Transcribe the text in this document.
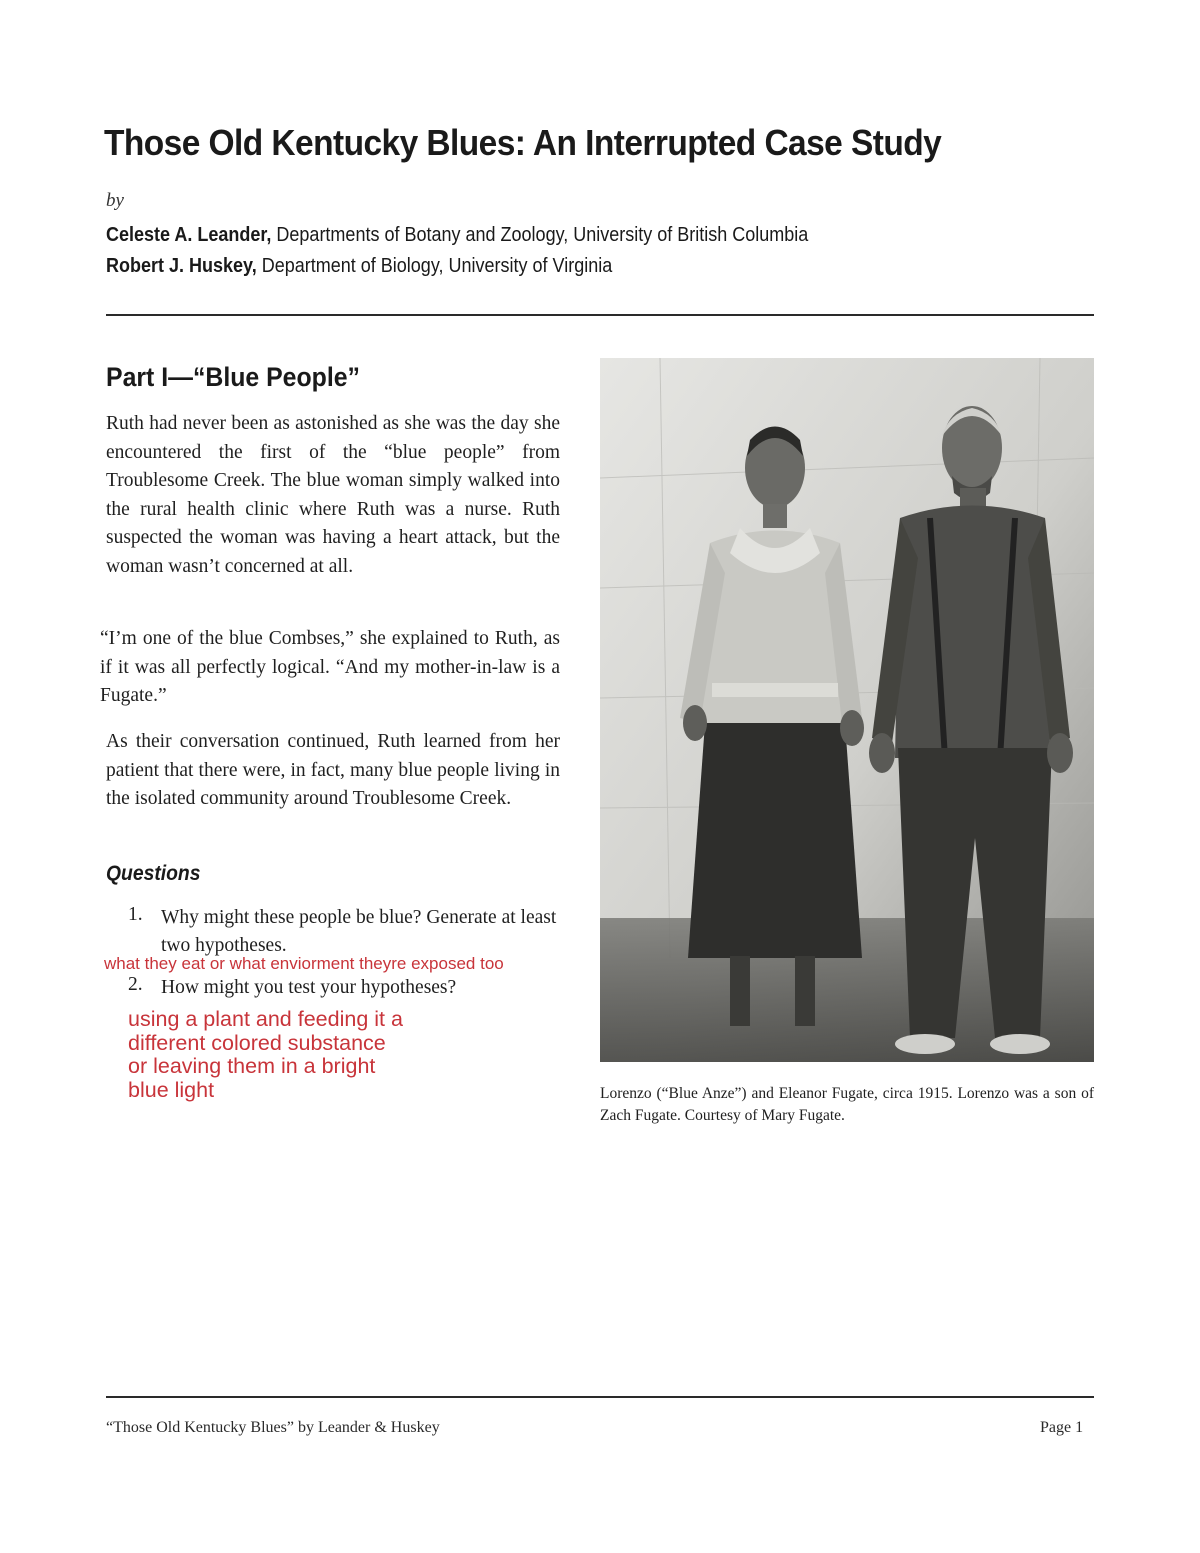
Those Old Kentucky Blues: An Interrupted Case Study
by
Celeste A. Leander, Departments of Botany and Zoology, University of British Columbia
Robert J. Huskey, Department of Biology, University of Virginia
Part I—“Blue People”

Ruth had never been as astonished as she was the day she encountered the first of the “blue people” from Troublesome Creek. The blue woman simply walked into the rural health clinic where Ruth was a nurse. Ruth suspected the woman was having a heart attack, but the woman wasn’t concerned at all.

“I’m one of the blue Combses,” she explained to Ruth, as if it was all perfectly logical. “And my mother-in-law is a Fugate.”

As their conversation continued, Ruth learned from her patient that there were, in fact, many blue people living in the isolated community around Troublesome Creek.

Questions
1. Why might these people be blue? Generate at least two hypotheses.
what they eat or what enviorment theyre exposed too
2. How might you test your hypotheses?
using a plant and feeding it a
different colored substance
or leaving them in a bright
blue light	Lorenzo (“Blue Anze”) and Eleanor Fugate, circa 1915. Lorenzo was a son of Zach Fugate. Courtesy of Mary Fugate.
“Those Old Kentucky Blues” by Leander & Huskey	Page 1
